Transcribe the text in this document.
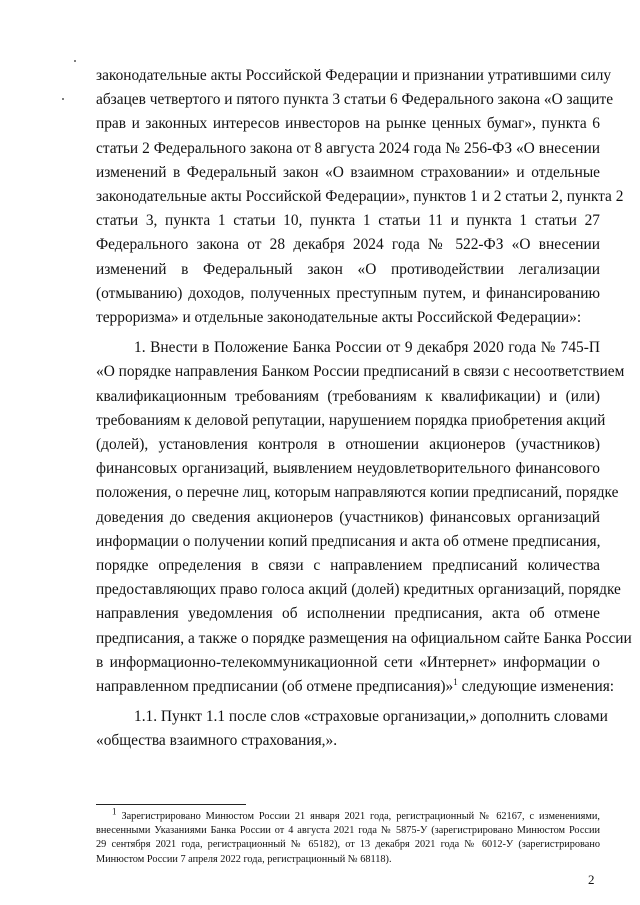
законодательные акты Российской Федерации и признании утратившими силу
абзацев четвертого и пятого пункта 3 статьи 6 Федерального закона «О защите
прав и законных интересов инвесторов на рынке ценных бумаг», пункта 6
статьи 2 Федерального закона от 8 августа 2024 года № 256-ФЗ «О внесении
изменений в Федеральный закон «О взаимном страховании» и отдельные
законодательные акты Российской Федерации», пунктов 1 и 2 статьи 2, пункта 2
статьи 3, пункта 1 статьи 10, пункта 1 статьи 11 и пункта 1 статьи 27
Федерального закона от 28 декабря 2024 года № 522-ФЗ «О внесении
изменений в Федеральный закон «О противодействии легализации
(отмыванию) доходов, полученных преступным путем, и финансированию
терроризма» и отдельные законодательные акты Российской Федерации»:

1. Внести в Положение Банка России от 9 декабря 2020 года № 745-П
«О порядке направления Банком России предписаний в связи с несоответствием
квалификационным требованиям (требованиям к квалификации) и (или)
требованиям к деловой репутации, нарушением порядка приобретения акций
(долей), установления контроля в отношении акционеров (участников)
финансовых организаций, выявлением неудовлетворительного финансового
положения, о перечне лиц, которым направляются копии предписаний, порядке
доведения до сведения акционеров (участников) финансовых организаций
информации о получении копий предписания и акта об отмене предписания,
порядке определения в связи с направлением предписаний количества
предоставляющих право голоса акций (долей) кредитных организаций, порядке
направления уведомления об исполнении предписания, акта об отмене
предписания, а также о порядке размещения на официальном сайте Банка России
в информационно-телекоммуникационной сети «Интернет» информации о
направленном предписании (об отмене предписания)»$^1$ следующие изменения:

1.1. Пункт 1.1 после слов «страховые организации,» дополнить словами
«общества взаимного страхования,».

1 Зарегистрировано Минюстом России 21 января 2021 года, регистрационный № 62167, с изменениями,
внесенными Указаниями Банка России от 4 августа 2021 года № 5875-У (зарегистрировано Минюстом России
29 сентября 2021 года, регистрационный № 65182), от 13 декабря 2021 года № 6012-У (зарегистрировано
Минюстом России 7 апреля 2022 года, регистрационный № 68118).
2
